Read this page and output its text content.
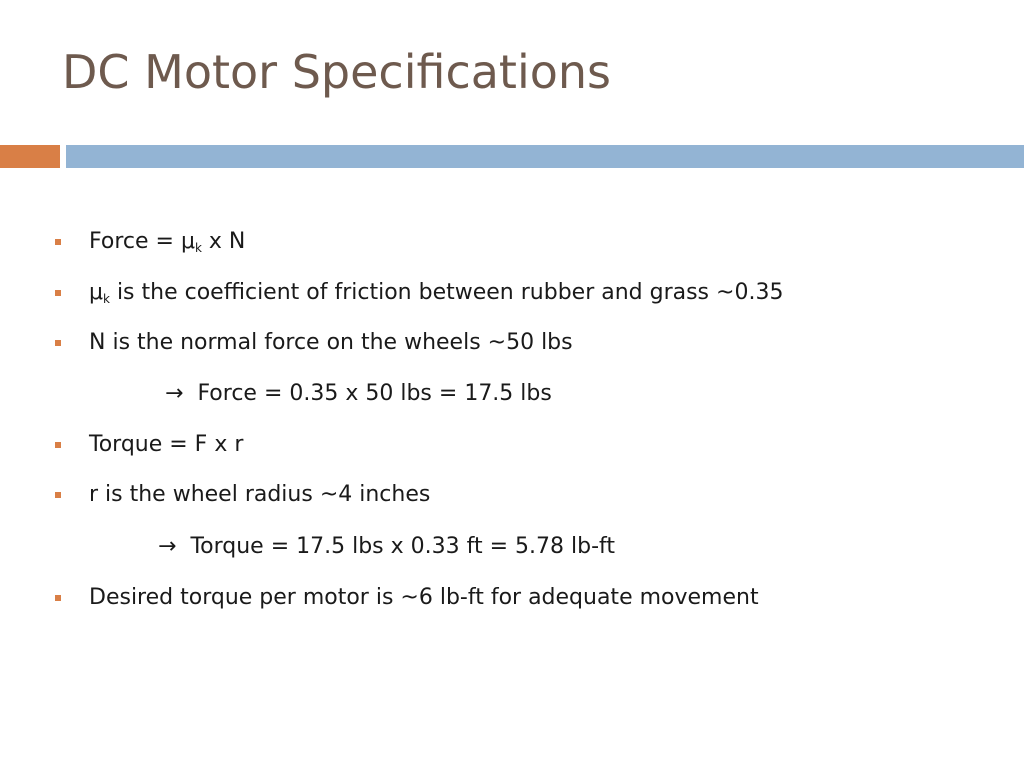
DC Motor Specifications
Force = $\mu_k$ x N
$\mu_k$ is the coefficient of friction between rubber and grass ~0.35
N is the normal force on the wheels ~50 lbs
→ Force = 0.35 x 50 lbs = 17.5 lbs
Torque = F x r
r is the wheel radius ~4 inches
→ Torque = 17.5 lbs x 0.33 ft = 5.78 lb-ft
Desired torque per motor is ~6 lb-ft for adequate movement
